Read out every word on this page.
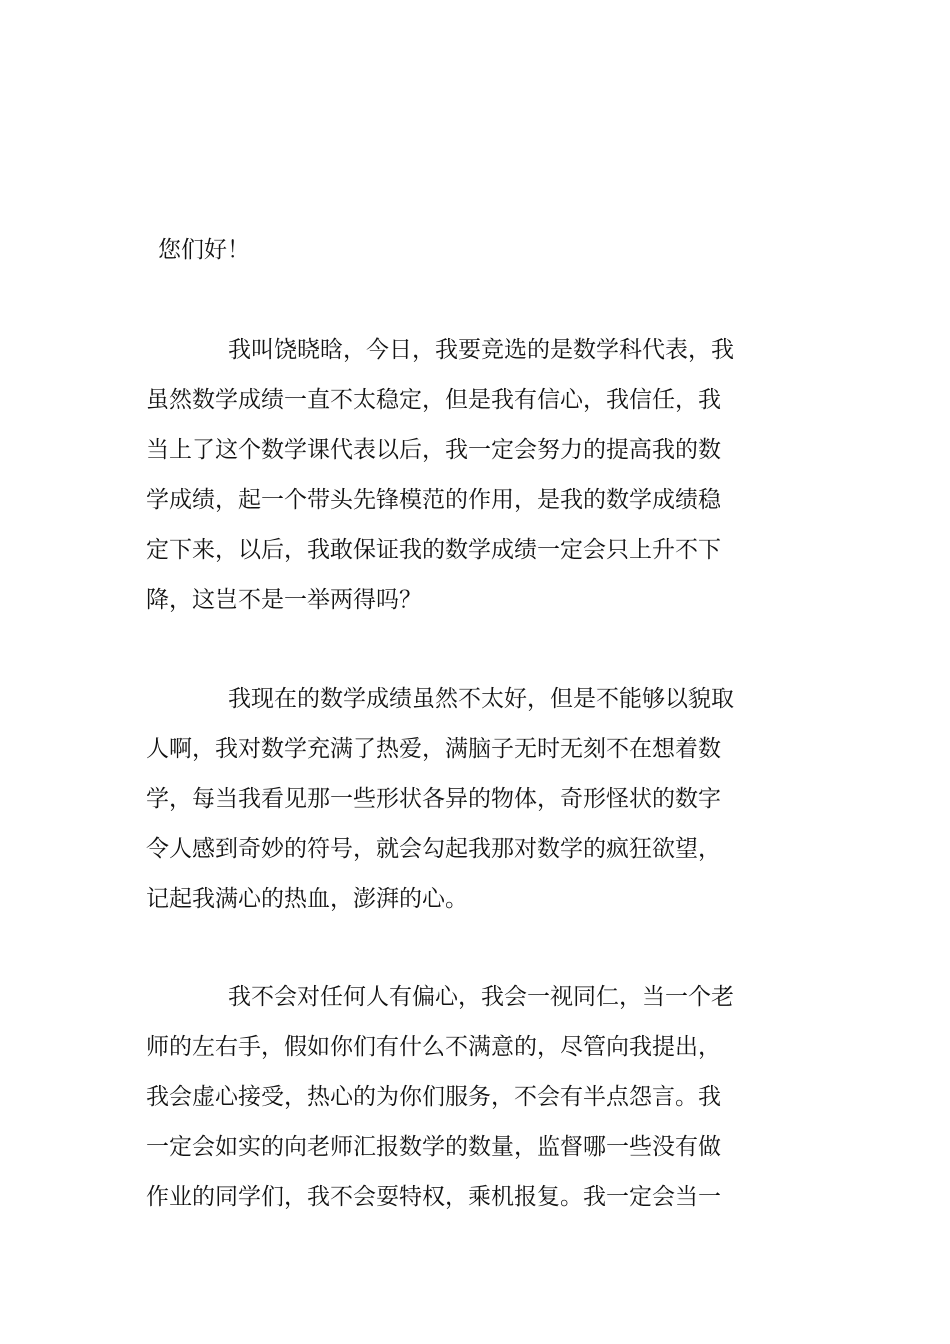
您们好！
我叫饶晓晗，今日，我要竞选的是数学科代表，我
虽然数学成绩一直不太稳定，但是我有信心，我信任，我
当上了这个数学课代表以后，我一定会努力的提高我的数
学成绩，起一个带头先锋模范的作用，是我的数学成绩稳
定下来，以后，我敢保证我的数学成绩一定会只上升不下
降，这岂不是一举两得吗？
我现在的数学成绩虽然不太好，但是不能够以貌取
人啊，我对数学充满了热爱，满脑子无时无刻不在想着数
学，每当我看见那一些形状各异的物体，奇形怪状的数字
令人感到奇妙的符号，就会勾起我那对数学的疯狂欲望，
记起我满心的热血，澎湃的心。
我不会对任何人有偏心，我会一视同仁，当一个老
师的左右手，假如你们有什么不满意的，尽管向我提出，
我会虚心接受，热心的为你们服务，不会有半点怨言。我
一定会如实的向老师汇报数学的数量，监督哪一些没有做
作业的同学们，我不会耍特权，乘机报复。我一定会当一
